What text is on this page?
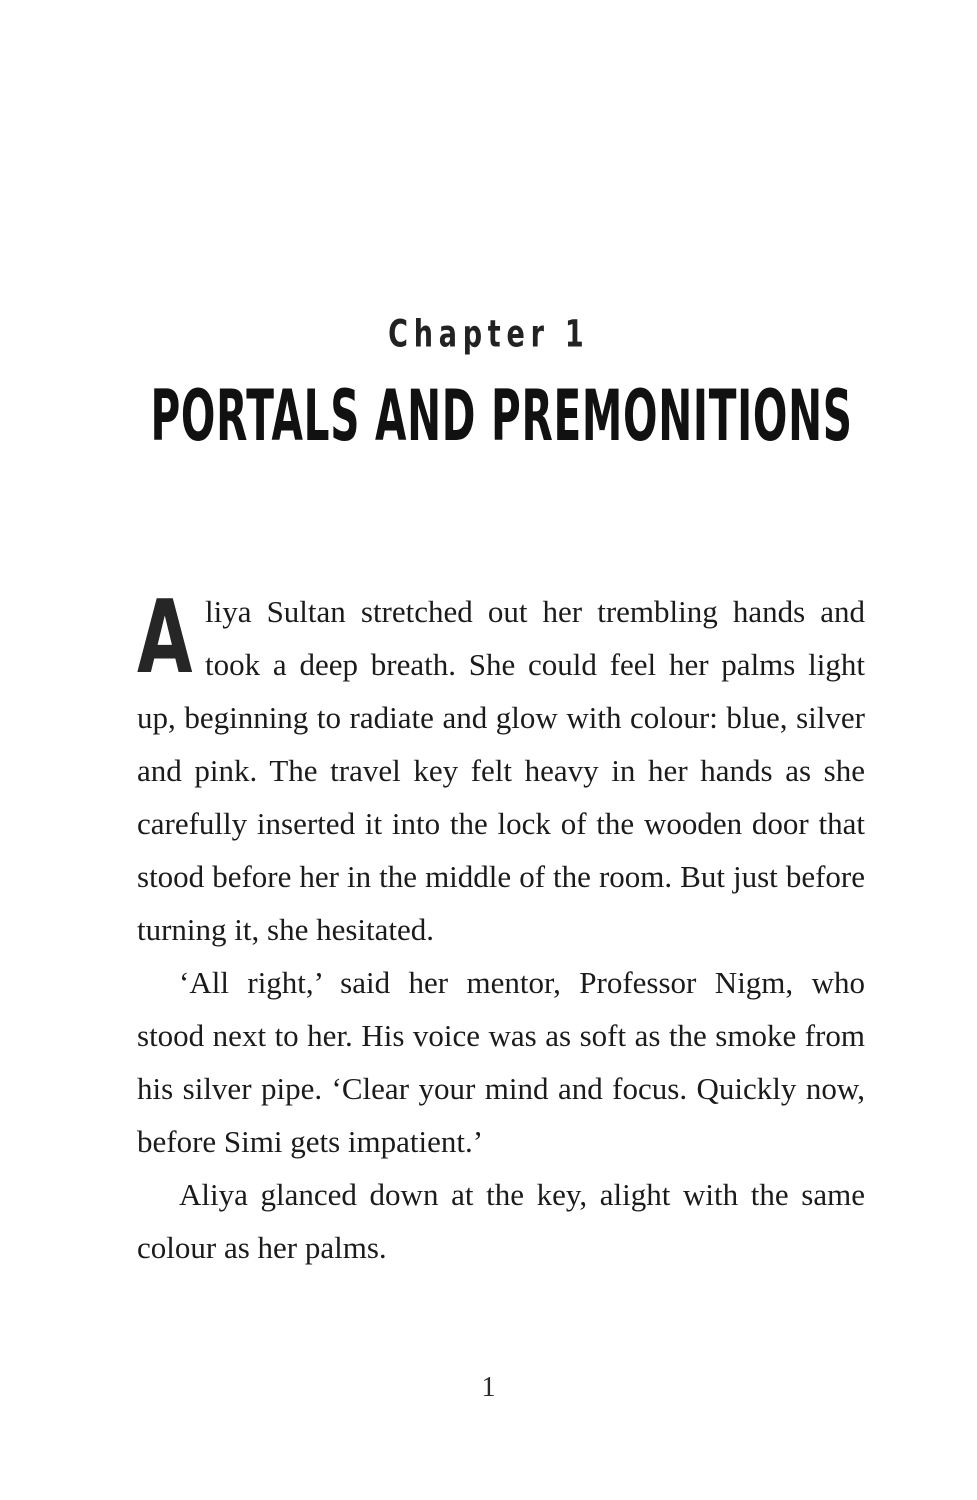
Chapter 1
PORTALS AND PREMONITIONS

Aliya Sultan stretched out her trembling hands and took a deep breath. She could feel her palms light up, beginning to radiate and glow with colour: blue, silver and pink. The travel key felt heavy in her hands as she carefully inserted it into the lock of the wooden door that stood before her in the middle of the room. But just before turning it, she hesitated.

‘All right,’ said her mentor, Professor Nigm, who stood next to her. His voice was as soft as the smoke from his silver pipe. ‘Clear your mind and focus. Quickly now, before Simi gets impatient.’

Aliya glanced down at the key, alight with the same colour as her palms.

1
